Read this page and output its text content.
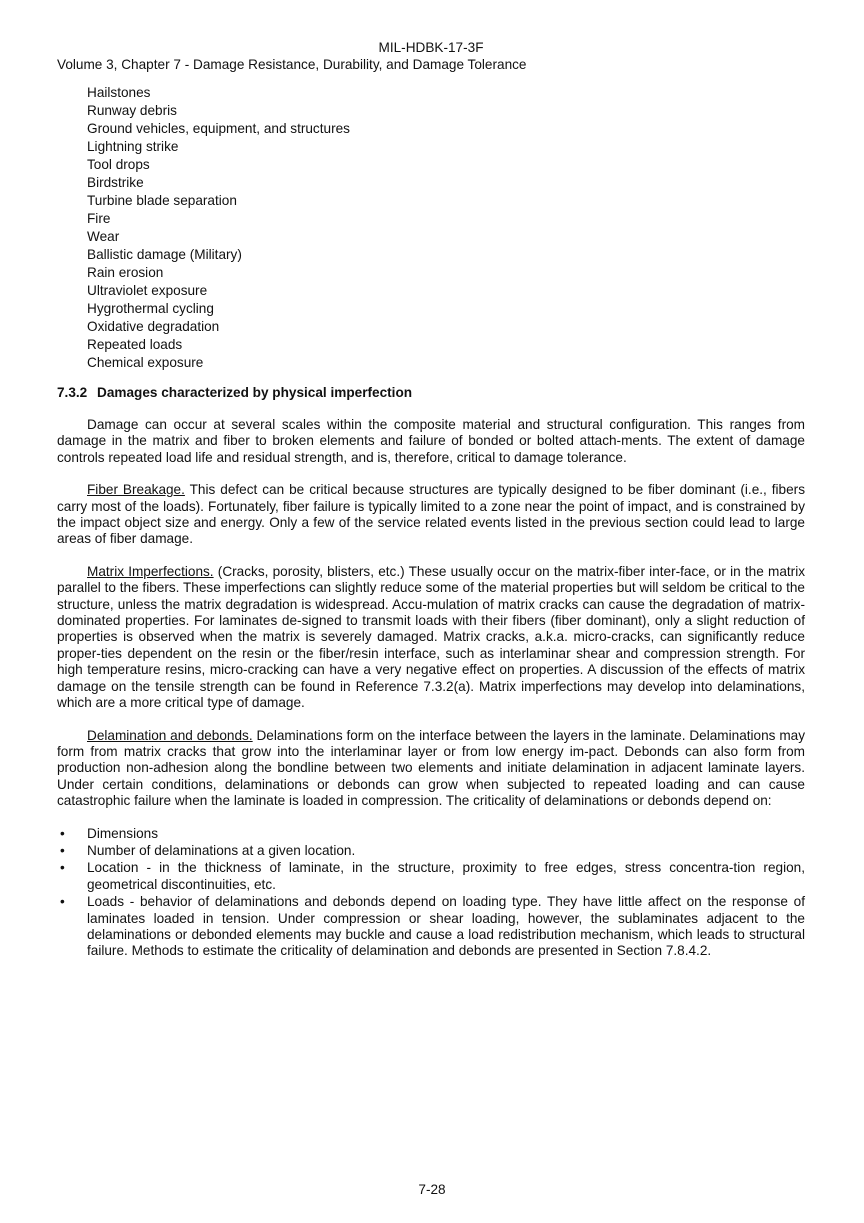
MIL-HDBK-17-3F

Volume 3, Chapter 7 - Damage Resistance, Durability, and Damage Tolerance

Hailstones
Runway debris
Ground vehicles, equipment, and structures
Lightning strike
Tool drops
Birdstrike
Turbine blade separation
Fire
Wear
Ballistic damage (Military)
Rain erosion
Ultraviolet exposure
Hygrothermal cycling
Oxidative degradation
Repeated loads
Chemical exposure
7.3.2 Damages characterized by physical imperfection

Damage can occur at several scales within the composite material and structural configuration. This ranges from damage in the matrix and fiber to broken elements and failure of bonded or bolted attach-ments. The extent of damage controls repeated load life and residual strength, and is, therefore, critical to damage tolerance.

Fiber Breakage. This defect can be critical because structures are typically designed to be fiber dominant (i.e., fibers carry most of the loads). Fortunately, fiber failure is typically limited to a zone near the point of impact, and is constrained by the impact object size and energy. Only a few of the service related events listed in the previous section could lead to large areas of fiber damage.

Matrix Imperfections. (Cracks, porosity, blisters, etc.) These usually occur on the matrix-fiber inter-face, or in the matrix parallel to the fibers. These imperfections can slightly reduce some of the material properties but will seldom be critical to the structure, unless the matrix degradation is widespread. Accu-mulation of matrix cracks can cause the degradation of matrix-dominated properties. For laminates de-signed to transmit loads with their fibers (fiber dominant), only a slight reduction of properties is observed when the matrix is severely damaged. Matrix cracks, a.k.a. micro-cracks, can significantly reduce proper-ties dependent on the resin or the fiber/resin interface, such as interlaminar shear and compression strength. For high temperature resins, micro-cracking can have a very negative effect on properties. A discussion of the effects of matrix damage on the tensile strength can be found in Reference 7.3.2(a). Matrix imperfections may develop into delaminations, which are a more critical type of damage.

Delamination and debonds. Delaminations form on the interface between the layers in the laminate. Delaminations may form from matrix cracks that grow into the interlaminar layer or from low energy im-pact. Debonds can also form from production non-adhesion along the bondline between two elements and initiate delamination in adjacent laminate layers. Under certain conditions, delaminations or debonds can grow when subjected to repeated loading and can cause catastrophic failure when the laminate is loaded in compression. The criticality of delaminations or debonds depend on:

• Dimensions
• Number of delaminations at a given location.
• Location - in the thickness of laminate, in the structure, proximity to free edges, stress concentra-tion region, geometrical discontinuities, etc.
• Loads - behavior of delaminations and debonds depend on loading type. They have little affect on the response of laminates loaded in tension. Under compression or shear loading, however, the sublaminates adjacent to the delaminations or debonded elements may buckle and cause a load redistribution mechanism, which leads to structural failure. Methods to estimate the criticality of delamination and debonds are presented in Section 7.8.4.2.
7-28
